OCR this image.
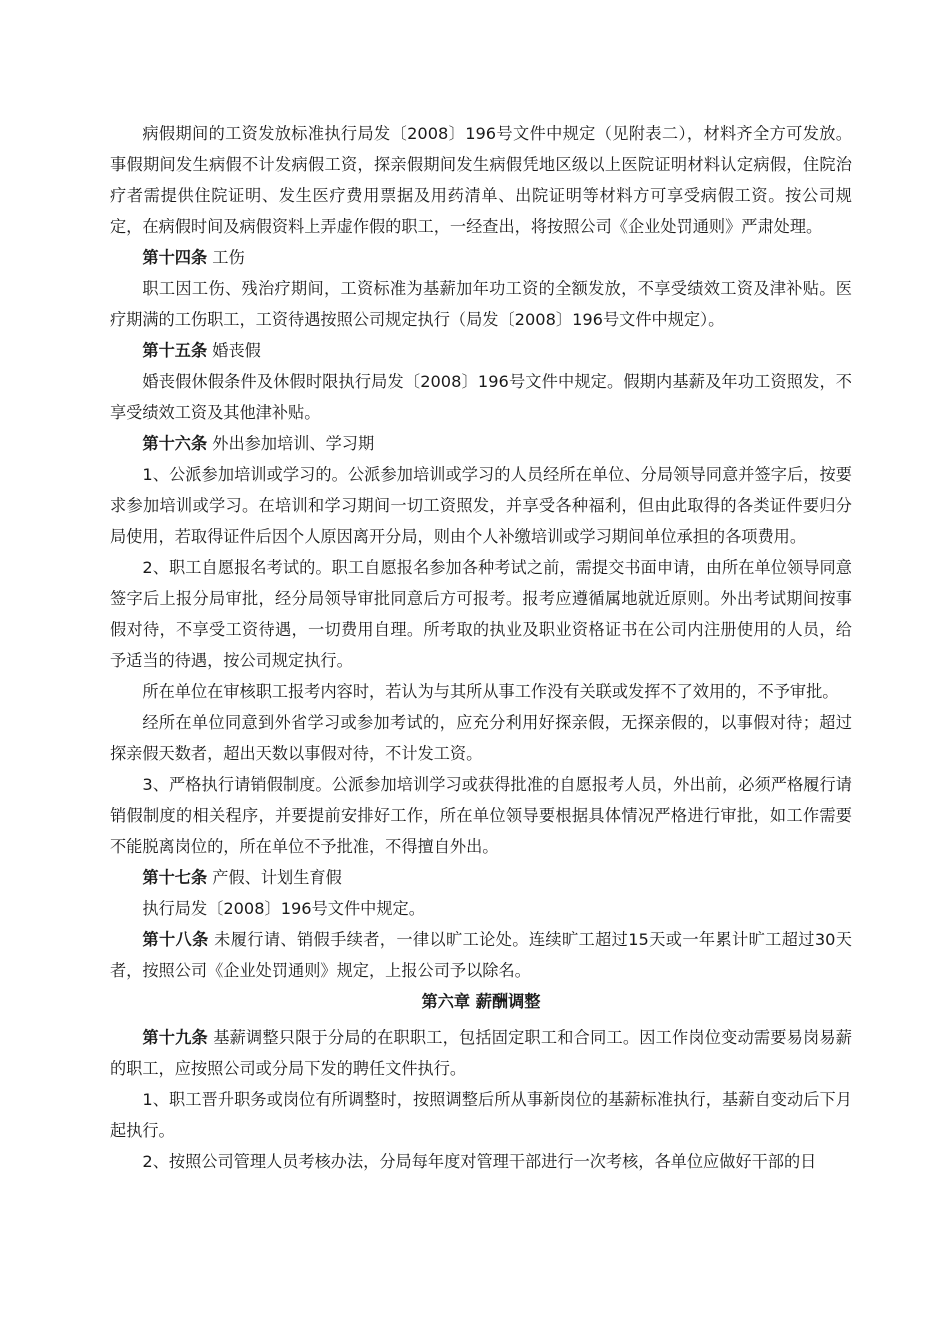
病假期间的工资发放标准执行局发〔2008〕196号文件中规定（见附表二），材料齐全方可发放。事假期间发生病假不计发病假工资，探亲假期间发生病假凭地区级以上医院证明材料认定病假，住院治疗者需提供住院证明、发生医疗费用票据及用药清单、出院证明等材料方可享受病假工资。按公司规定，在病假时间及病假资料上弄虚作假的职工，一经查出，将按照公司《企业处罚通则》严肃处理。

第十四条 工伤

职工因工伤、残治疗期间，工资标准为基薪加年功工资的全额发放，不享受绩效工资及津补贴。医疗期满的工伤职工，工资待遇按照公司规定执行（局发〔2008〕196号文件中规定）。

第十五条 婚丧假

婚丧假休假条件及休假时限执行局发〔2008〕196号文件中规定。假期内基薪及年功工资照发，不享受绩效工资及其他津补贴。

第十六条 外出参加培训、学习期

1、公派参加培训或学习的。公派参加培训或学习的人员经所在单位、分局领导同意并签字后，按要求参加培训或学习。在培训和学习期间一切工资照发，并享受各种福利，但由此取得的各类证件要归分局使用，若取得证件后因个人原因离开分局，则由个人补缴培训或学习期间单位承担的各项费用。

2、职工自愿报名考试的。职工自愿报名参加各种考试之前，需提交书面申请，由所在单位领导同意签字后上报分局审批，经分局领导审批同意后方可报考。报考应遵循属地就近原则。外出考试期间按事假对待，不享受工资待遇，一切费用自理。所考取的执业及职业资格证书在公司内注册使用的人员，给予适当的待遇，按公司规定执行。

所在单位在审核职工报考内容时，若认为与其所从事工作没有关联或发挥不了效用的，不予审批。

经所在单位同意到外省学习或参加考试的，应充分利用好探亲假，无探亲假的，以事假对待；超过探亲假天数者，超出天数以事假对待，不计发工资。

3、严格执行请销假制度。公派参加培训学习或获得批准的自愿报考人员，外出前，必须严格履行请销假制度的相关程序，并要提前安排好工作，所在单位领导要根据具体情况严格进行审批，如工作需要不能脱离岗位的，所在单位不予批准，不得擅自外出。

第十七条 产假、计划生育假

执行局发〔2008〕196号文件中规定。

第十八条 未履行请、销假手续者，一律以旷工论处。连续旷工超过15天或一年累计旷工超过30天者，按照公司《企业处罚通则》规定，上报公司予以除名。

第六章 薪酬调整

第十九条 基薪调整只限于分局的在职职工，包括固定职工和合同工。因工作岗位变动需要易岗易薪的职工，应按照公司或分局下发的聘任文件执行。

1、职工晋升职务或岗位有所调整时，按照调整后所从事新岗位的基薪标准执行，基薪自变动后下月起执行。

2、按照公司管理人员考核办法，分局每年度对管理干部进行一次考核，各单位应做好干部的日
